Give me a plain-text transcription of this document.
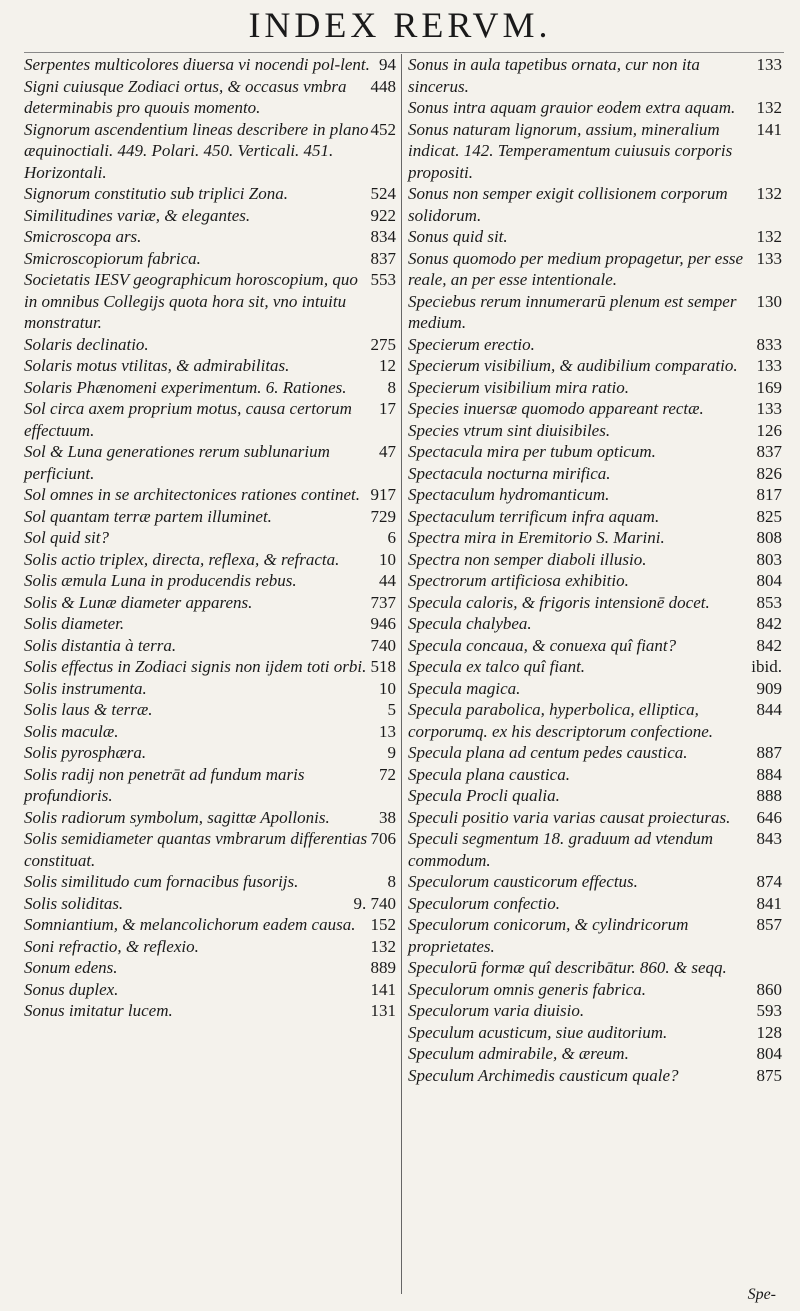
INDEX RERVM.
94
Serpentes multicolores diuersa vi nocendi pol-lent.
448
Signi cuiusque Zodiaci ortus, & occasus vmbra determinabis pro quouis momento.
452
Signorum ascendentium lineas describere in plano æquinoctiali. 449. Polari. 450. Verticali. 451. Horizontali.
524
Signorum constitutio sub triplici Zona.
922
Similitudines variæ, & elegantes.
834
Smicroscopa ars.
837
Smicroscopiorum fabrica.
553
Societatis IESV geographicum horoscopium, quo in omnibus Collegijs quota hora sit, vno intuitu monstratur.
275
Solaris declinatio.
12
Solaris motus vtilitas, & admirabilitas.
8
Solaris Phænomeni experimentum. 6. Rationes.
17
Sol circa axem proprium motus, causa certorum effectuum.
47
Sol & Luna generationes rerum sublunarium perficiunt.
917
Sol omnes in se architectonices rationes continet.
729
Sol quantam terræ partem illuminet.
6
Sol quid sit?
10
Solis actio triplex, directa, reflexa, & refracta.
44
Solis æmula Luna in producendis rebus.
737
Solis & Lunæ diameter apparens.
946
Solis diameter.
740
Solis distantia à terra.
518
Solis effectus in Zodiaci signis non ijdem toti orbi.
10
Solis instrumenta.
5
Solis laus & terræ.
13
Solis maculæ.
9
Solis pyrosphæra.
72
Solis radij non penetrāt ad fundum maris profundioris.
38
Solis radiorum symbolum, sagittæ Apollonis.
706
Solis semidiameter quantas vmbrarum differentias constituat.
8
Solis similitudo cum fornacibus fusorijs.
9. 740
Solis soliditas.
152
Somniantium, & melancolichorum eadem causa.
132
Soni refractio, & reflexio.
889
Sonum edens.
141
Sonus duplex.
131
Sonus imitatur lucem.
133
Sonus in aula tapetibus ornata, cur non ita sincerus.
132
Sonus intra aquam grauior eodem extra aquam.
141
Sonus naturam lignorum, assium, mineralium indicat. 142. Temperamentum cuiusuis corporis propositi.
132
Sonus non semper exigit collisionem corporum solidorum.
132
Sonus quid sit.
133
Sonus quomodo per medium propagetur, per esse reale, an per esse intentionale.
130
Speciebus rerum innumerarū plenum est semper medium.
833
Specierum erectio.
133
Specierum visibilium, & audibilium comparatio.
169
Specierum visibilium mira ratio.
133
Species inuersæ quomodo appareant rectæ.
126
Species vtrum sint diuisibiles.
837
Spectacula mira per tubum opticum.
826
Spectacula nocturna mirifica.
817
Spectaculum hydromanticum.
825
Spectaculum terrificum infra aquam.
808
Spectra mira in Eremitorio S. Marini.
803
Spectra non semper diaboli illusio.
804
Spectrorum artificiosa exhibitio.
853
Specula caloris, & frigoris intensionē docet.
842
Specula chalybea.
842
Specula concaua, & conuexa quî fiant?
ibid.
Specula ex talco quî fiant.
909
Specula magica.
844
Specula parabolica, hyperbolica, elliptica, corporumq. ex his descriptorum confectione.
887
Specula plana ad centum pedes caustica.
884
Specula plana caustica.
888
Specula Procli qualia.
646
Speculi positio varia varias causat proiecturas.
843
Speculi segmentum 18. graduum ad vtendum commodum.
874
Speculorum causticorum effectus.
841
Speculorum confectio.
857
Speculorum conicorum, & cylindricorum proprietates.
Speculorū formæ quî describātur. 860. & seqq.
860
Speculorum omnis generis fabrica.
593
Speculorum varia diuisio.
128
Speculum acusticum, siue auditorium.
804
Speculum admirabile, & æreum.
875
Speculum Archimedis causticum quale?
Spe-
